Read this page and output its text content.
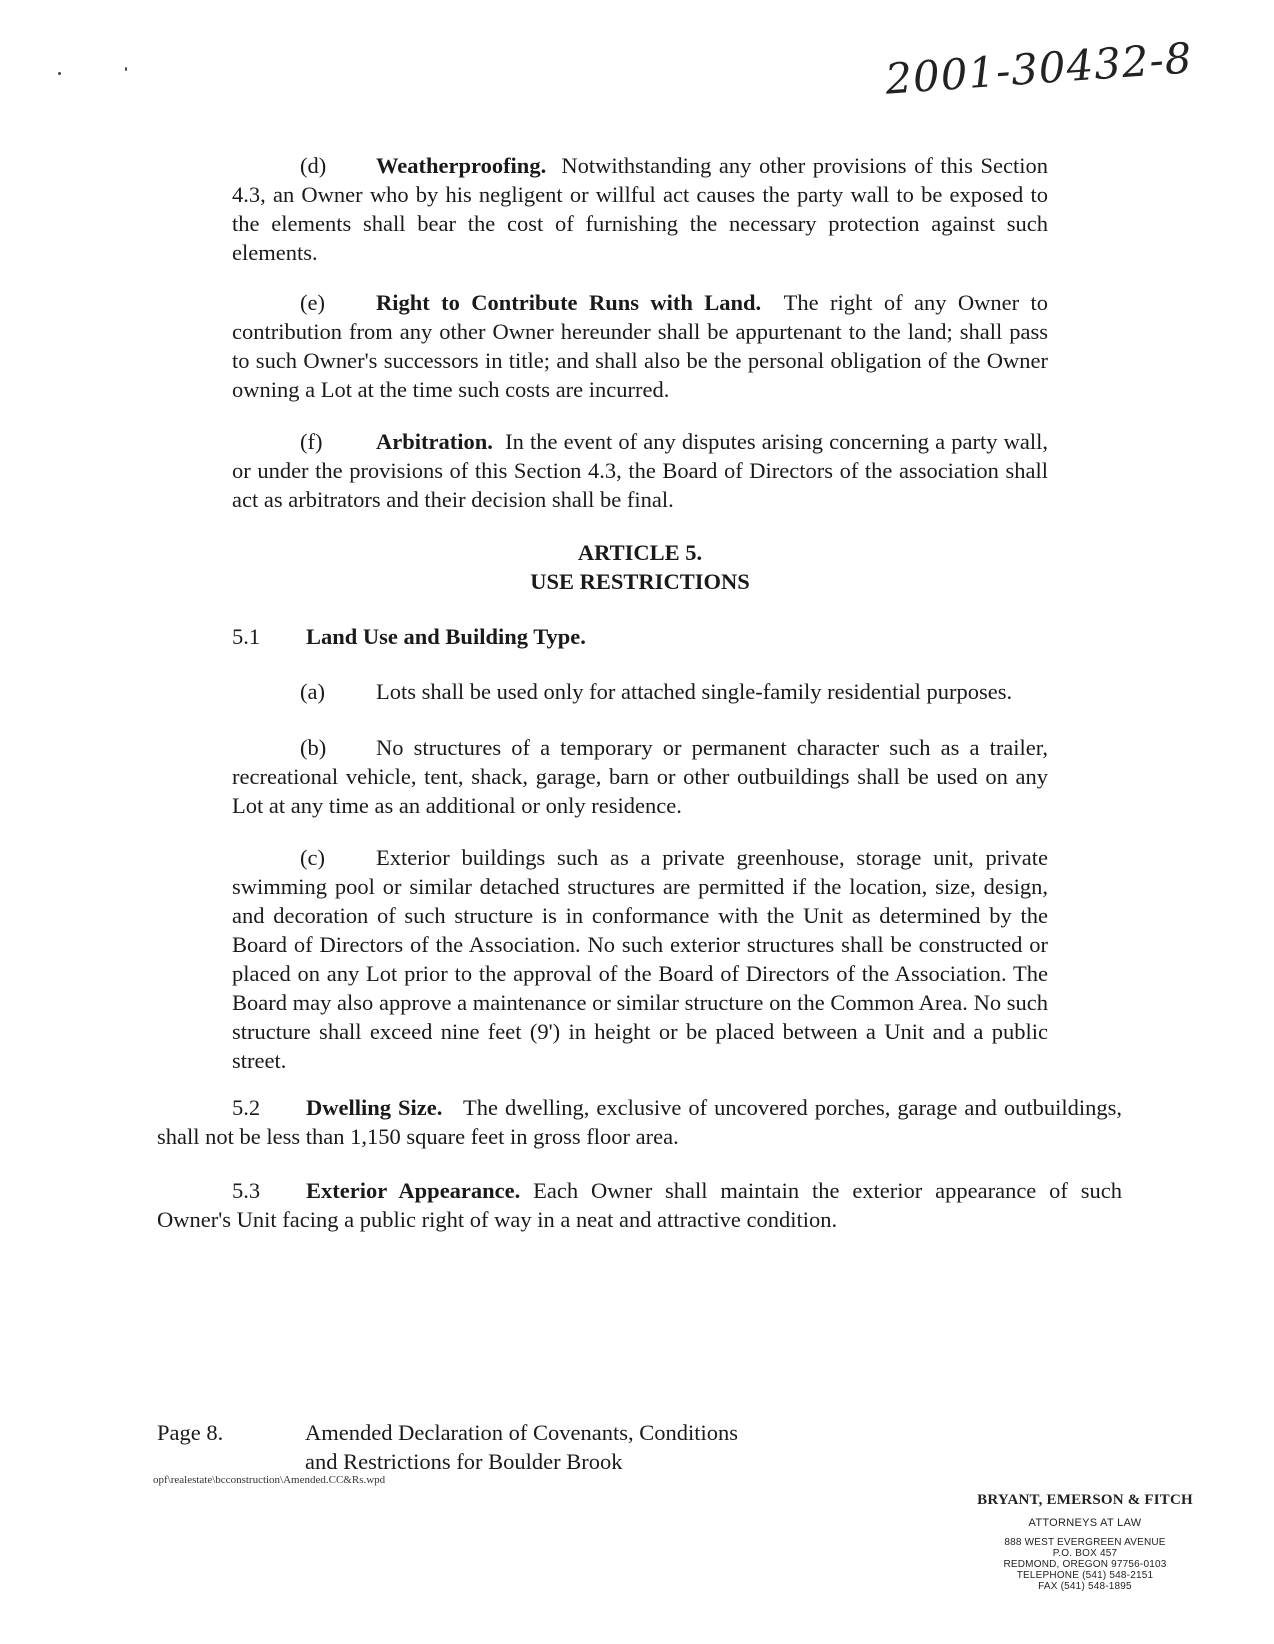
2001-30432-8

(d) Weatherproofing. Notwithstanding any other provisions of this Section 4.3, an Owner who by his negligent or willful act causes the party wall to be exposed to the elements shall bear the cost of furnishing the necessary protection against such elements.

(e) Right to Contribute Runs with Land. The right of any Owner to contribution from any other Owner hereunder shall be appurtenant to the land; shall pass to such Owner's successors in title; and shall also be the personal obligation of the Owner owning a Lot at the time such costs are incurred.

(f) Arbitration. In the event of any disputes arising concerning a party wall, or under the provisions of this Section 4.3, the Board of Directors of the association shall act as arbitrators and their decision shall be final.

ARTICLE 5.

USE RESTRICTIONS

5.1 Land Use and Building Type.

(a) Lots shall be used only for attached single-family residential purposes.

(b) No structures of a temporary or permanent character such as a trailer, recreational vehicle, tent, shack, garage, barn or other outbuildings shall be used on any Lot at any time as an additional or only residence.

(c) Exterior buildings such as a private greenhouse, storage unit, private swimming pool or similar detached structures are permitted if the location, size, design, and decoration of such structure is in conformance with the Unit as determined by the Board of Directors of the Association. No such exterior structures shall be constructed or placed on any Lot prior to the approval of the Board of Directors of the Association. The Board may also approve a maintenance or similar structure on the Common Area. No such structure shall exceed nine feet (9') in height or be placed between a Unit and a public street.

5.2 Dwelling Size. The dwelling, exclusive of uncovered porches, garage and outbuildings, shall not be less than 1,150 square feet in gross floor area.

5.3 Exterior Appearance. Each Owner shall maintain the exterior appearance of such Owner's Unit facing a public right of way in a neat and attractive condition.

Page 8.	Amended Declaration of Covenants, Conditions
and Restrictions for Boulder Brook
opf\realestate\bcconstruction\Amended.CC&Rs.wpd
BRYANT, EMERSON & FITCH
ATTORNEYS AT LAW
888 WEST EVERGREEN AVENUE
P.O. BOX 457
REDMOND, OREGON 97756-0103
TELEPHONE (541) 548-2151
FAX (541) 548-1895
